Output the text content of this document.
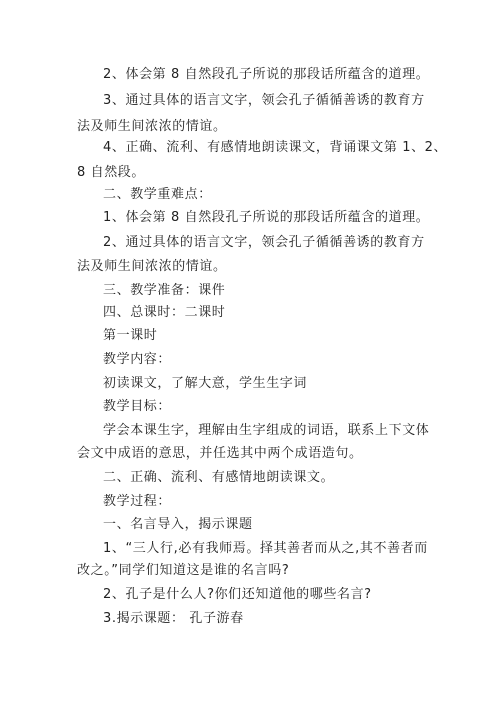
2、体会第 8 自然段孔子所说的那段话所蕴含的道理。
3、通过具体的语言文字，领会孔子循循善诱的教育方
法及师生间浓浓的情谊。
4、正确、流利、有感情地朗读课文，背诵课文第 1、2、
8 自然段。
二、教学重难点：
1、体会第 8 自然段孔子所说的那段话所蕴含的道理。
2、通过具体的语言文字，领会孔子循循善诱的教育方
法及师生间浓浓的情谊。
三、教学准备：课件
四、总课时：二课时
第一课时
教学内容：
初读课文，了解大意，学生生字词
教学目标：
学会本课生字，理解由生字组成的词语，联系上下文体
会文中成语的意思，并任选其中两个成语造句。
二、正确、流利、有感情地朗读课文。
教学过程：
一、名言导入，揭示课题
1、“三人行,必有我师焉。择其善者而从之,其不善者而
改之。”同学们知道这是谁的名言吗?
2、孔子是什么人?你们还知道他的哪些名言?
3.揭示课题： 孔子游春
